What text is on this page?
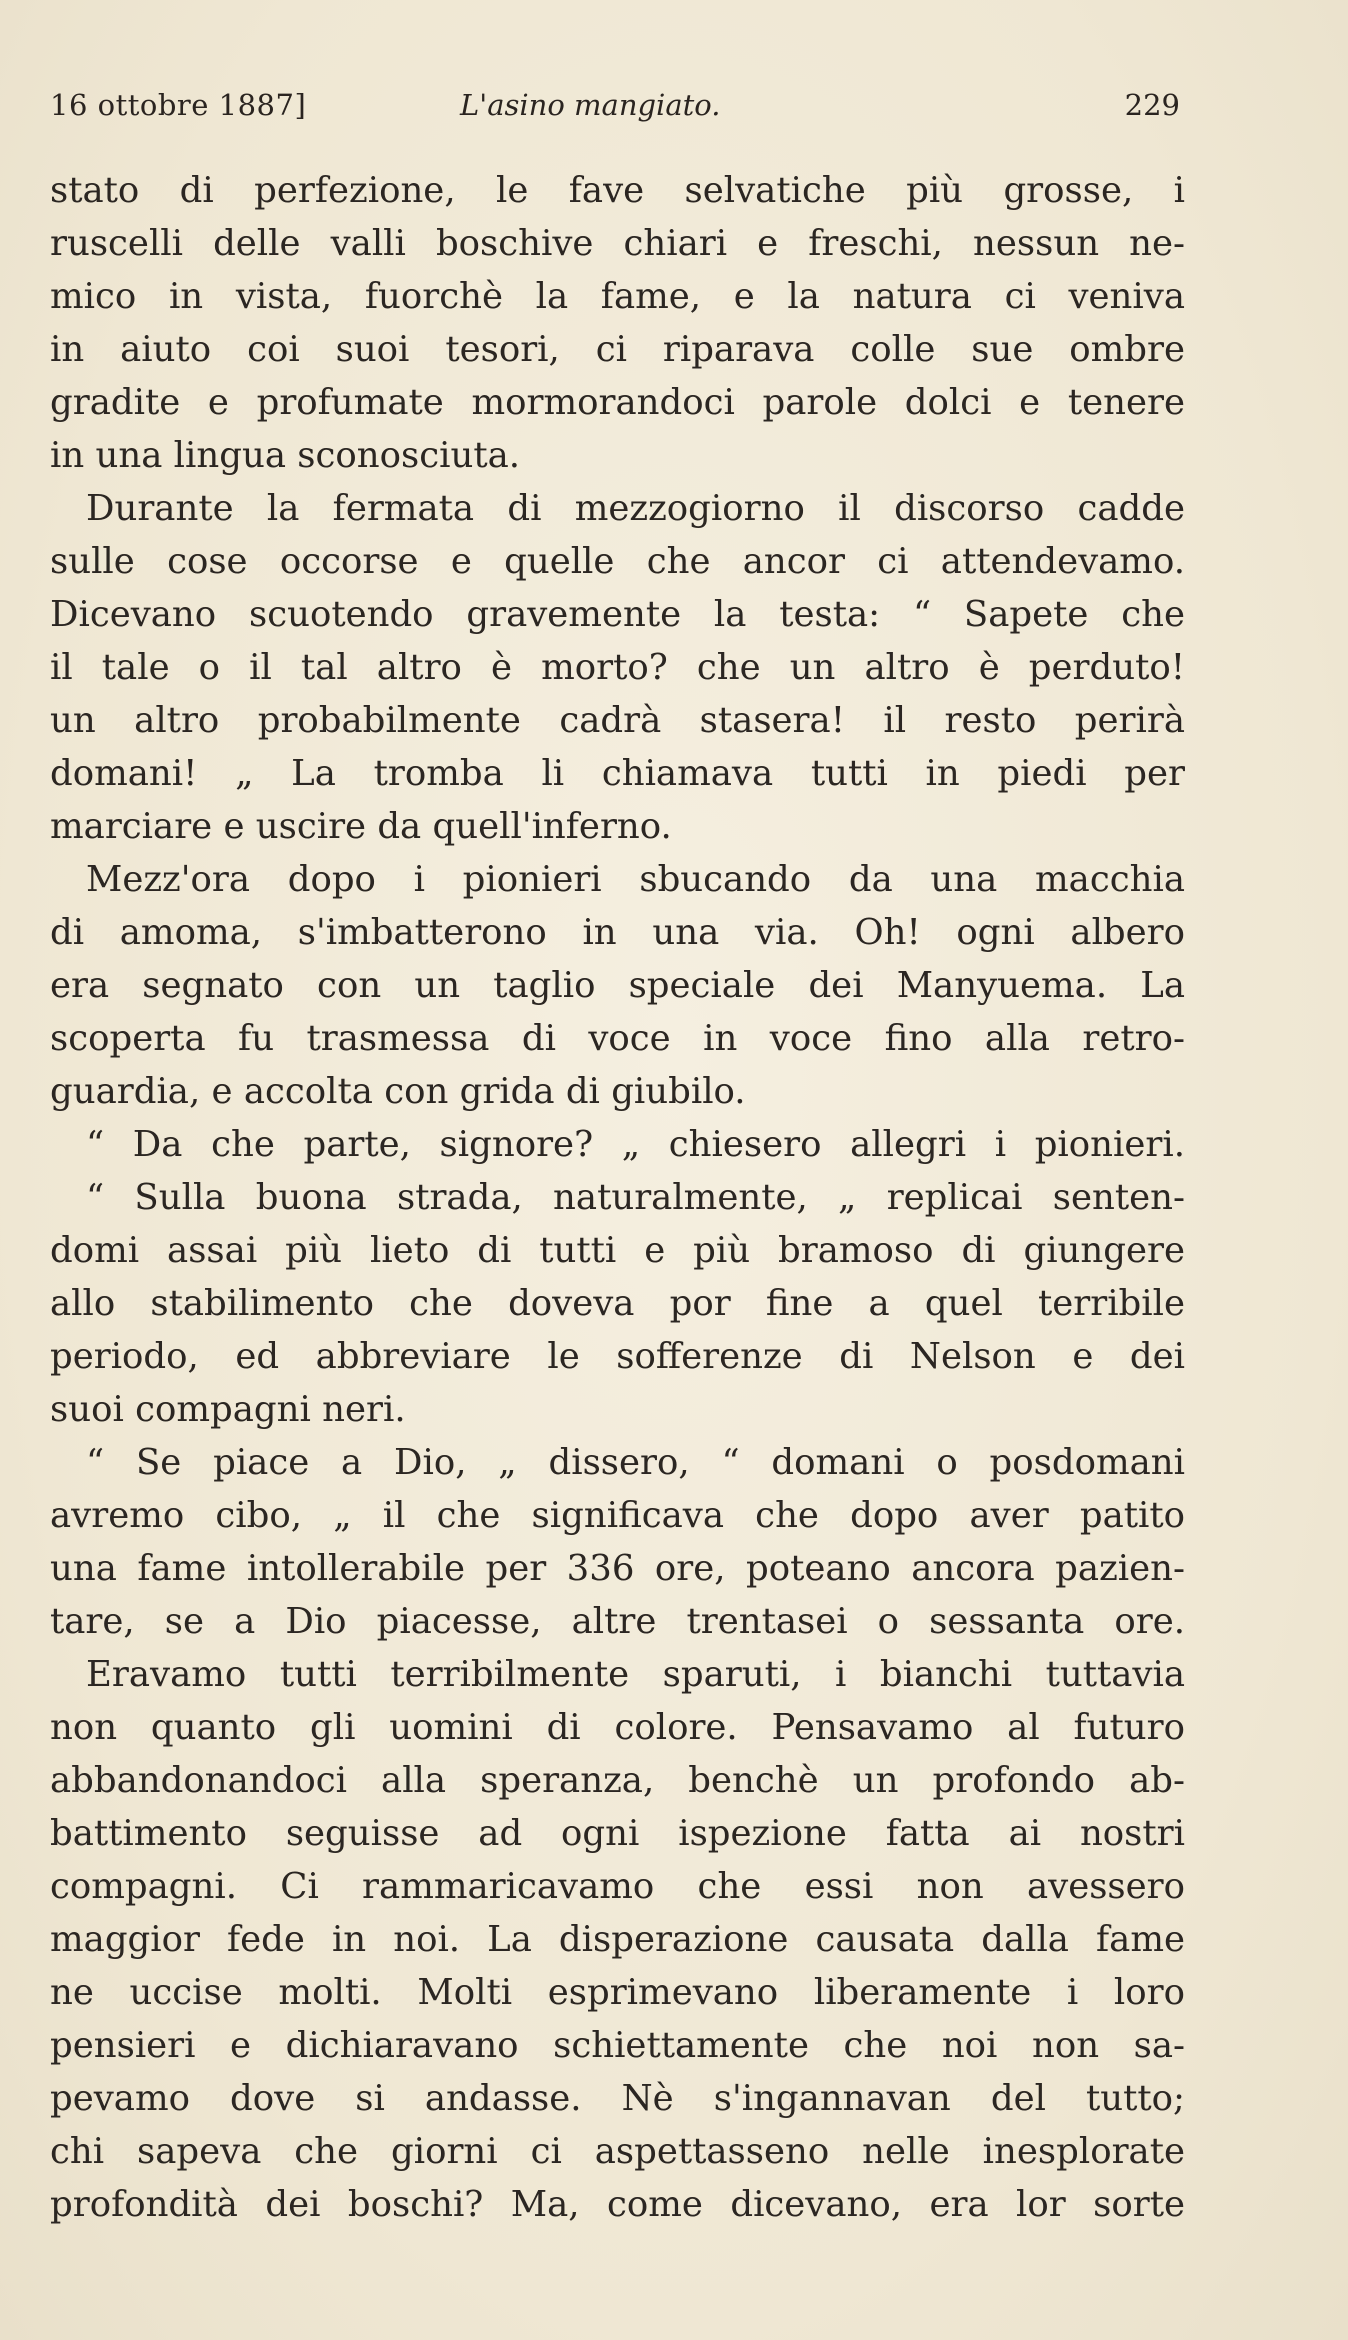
16 ottobre 1887]	L'asino mangiato.	229
stato di perfezione, le fave selvatiche più grosse, i
ruscelli delle valli boschive chiari e freschi, nessun ne-
mico in vista, fuorchè la fame, e la natura ci veniva
in aiuto coi suoi tesori, ci riparava colle sue ombre
gradite e profumate mormorandoci parole dolci e tenere
in una lingua sconosciuta.
Durante la fermata di mezzogiorno il discorso cadde
sulle cose occorse e quelle che ancor ci attendevamo.
Dicevano scuotendo gravemente la testa: “ Sapete che
il tale o il tal altro è morto? che un altro è perduto!
un altro probabilmente cadrà stasera! il resto perirà
domani! „ La tromba li chiamava tutti in piedi per
marciare e uscire da quell'inferno.
Mezz'ora dopo i pionieri sbucando da una macchia
di amoma, s'imbatterono in una via. Oh! ogni albero
era segnato con un taglio speciale dei Manyuema. La
scoperta fu trasmessa di voce in voce fino alla retro-
guardia, e accolta con grida di giubilo.
“ Da che parte, signore? „ chiesero allegri i pionieri.
“ Sulla buona strada, naturalmente, „ replicai senten-
domi assai più lieto di tutti e più bramoso di giungere
allo stabilimento che doveva por fine a quel terribile
periodo, ed abbreviare le sofferenze di Nelson e dei
suoi compagni neri.
“ Se piace a Dio, „ dissero, “ domani o posdomani
avremo cibo, „ il che significava che dopo aver patito
una fame intollerabile per 336 ore, poteano ancora pazien-
tare, se a Dio piacesse, altre trentasei o sessanta ore.
Eravamo tutti terribilmente sparuti, i bianchi tuttavia
non quanto gli uomini di colore. Pensavamo al futuro
abbandonandoci alla speranza, benchè un profondo ab-
battimento seguisse ad ogni ispezione fatta ai nostri
compagni. Ci rammaricavamo che essi non avessero
maggior fede in noi. La disperazione causata dalla fame
ne uccise molti. Molti esprimevano liberamente i loro
pensieri e dichiaravano schiettamente che noi non sa-
pevamo dove si andasse. Nè s'ingannavan del tutto;
chi sapeva che giorni ci aspettasseno nelle inesplorate
profondità dei boschi? Ma, come dicevano, era lor sorte
